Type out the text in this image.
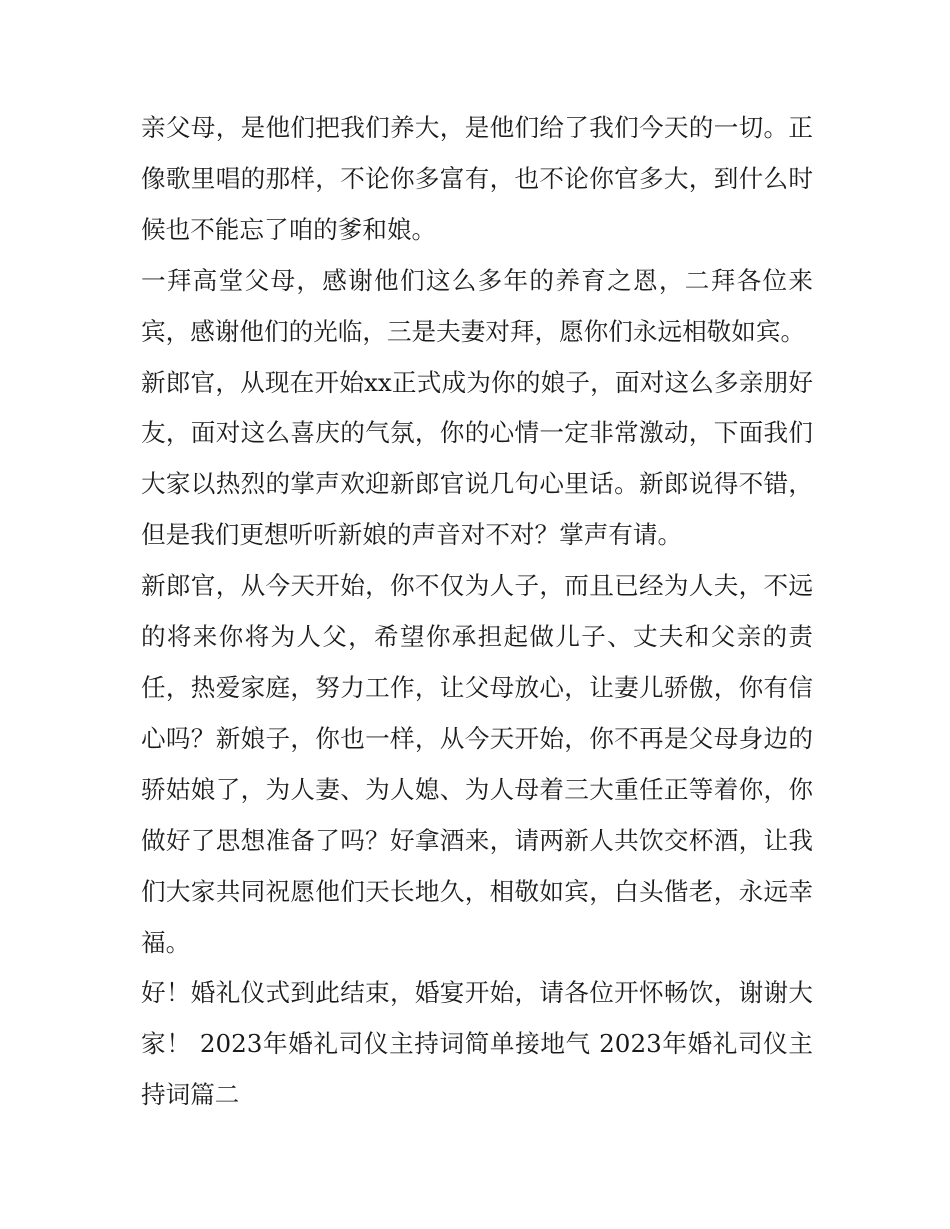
亲父母，是他们把我们养大，是他们给了我们今天的一切。正像歌里唱的那样，不论你多富有，也不论你官多大，到什么时候也不能忘了咱的爹和娘。

一拜高堂父母，感谢他们这么多年的养育之恩，二拜各位来宾，感谢他们的光临，三是夫妻对拜，愿你们永远相敬如宾。

新郎官，从现在开始xx正式成为你的娘子，面对这么多亲朋好友，面对这么喜庆的气氛，你的心情一定非常激动，下面我们大家以热烈的掌声欢迎新郎官说几句心里话。新郎说得不错，但是我们更想听听新娘的声音对不对？掌声有请。

新郎官，从今天开始，你不仅为人子，而且已经为人夫，不远的将来你将为人父，希望你承担起做儿子、丈夫和父亲的责任，热爱家庭，努力工作，让父母放心，让妻儿骄傲，你有信心吗？新娘子，你也一样，从今天开始，你不再是父母身边的骄姑娘了，为人妻、为人媳、为人母着三大重任正等着你，你做好了思想准备了吗？好拿酒来，请两新人共饮交杯酒，让我们大家共同祝愿他们天长地久，相敬如宾，白头偕老，永远幸福。

好！婚礼仪式到此结束，婚宴开始，请各位开怀畅饮，谢谢大家！ 2023年婚礼司仪主持词简单接地气 2023年婚礼司仪主持词篇二
